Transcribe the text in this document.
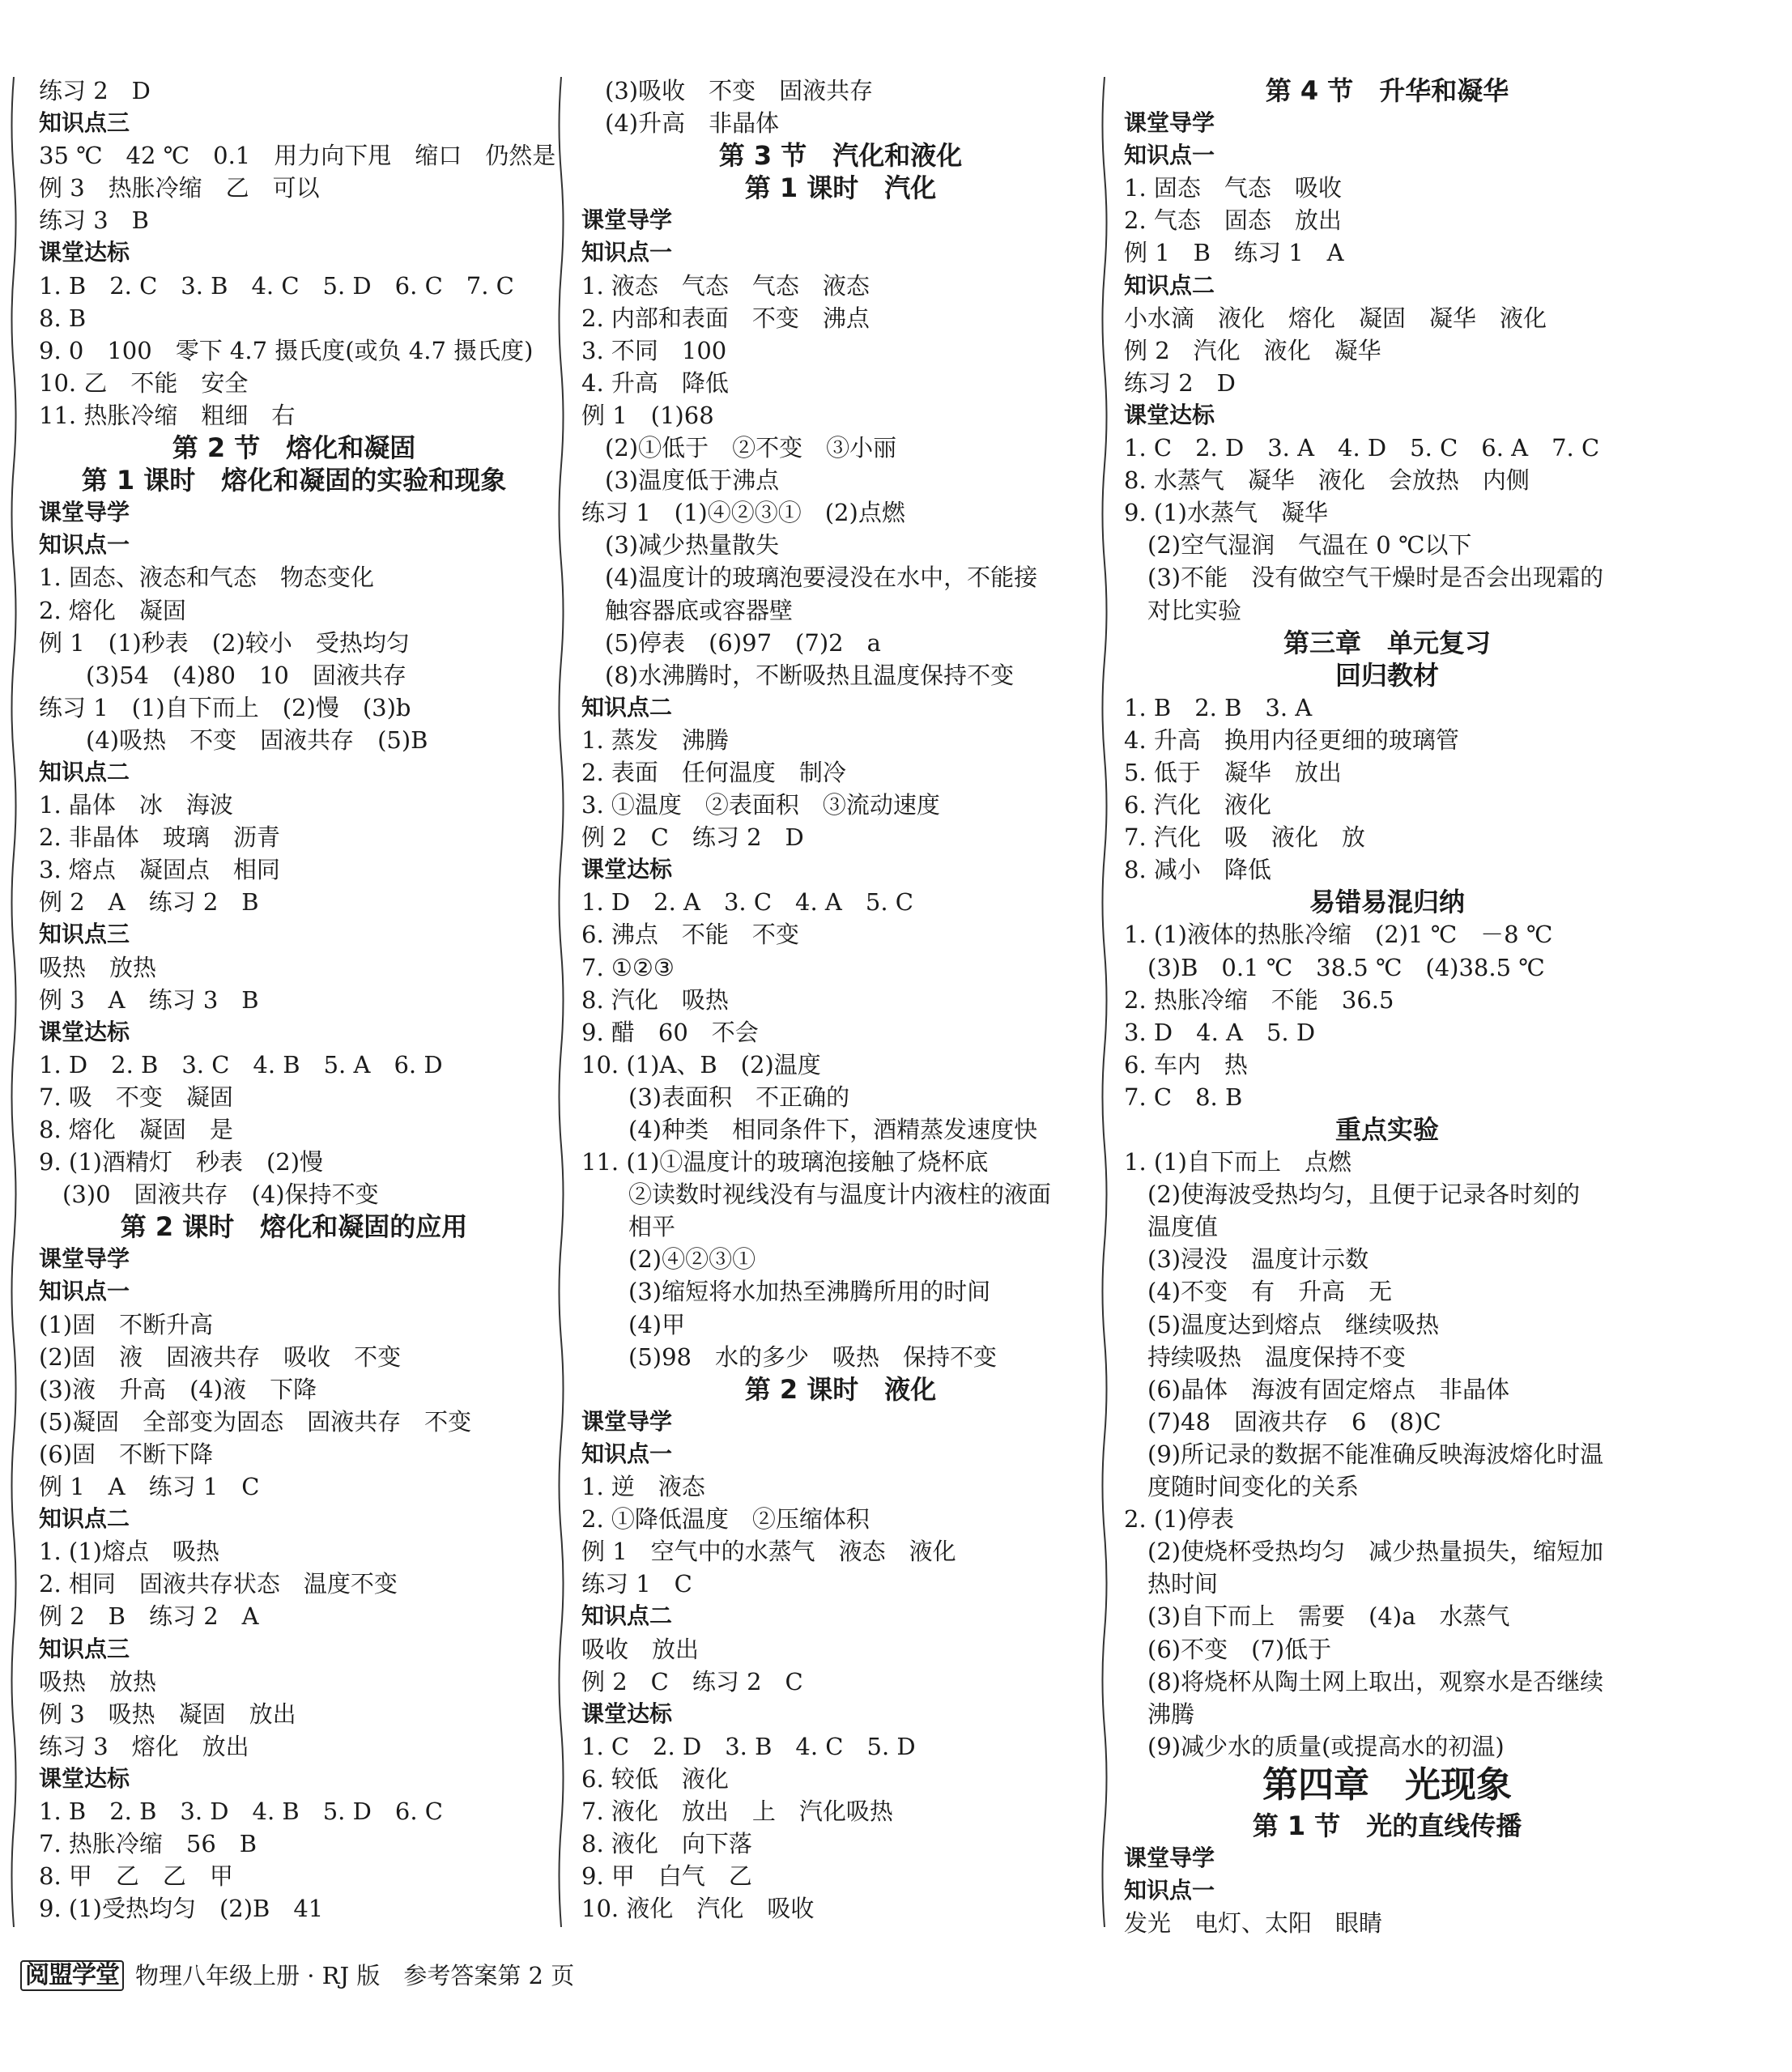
练习 2　D
知识点三
35 ℃　42 ℃　0.1　用力向下甩　缩口　仍然是
例 3　热胀冷缩　乙　可以
练习 3　B
课堂达标
1. B　2. C　3. B　4. C　5. D　6. C　7. C
8. B
9. 0　100　零下 4.7 摄氏度(或负 4.7 摄氏度)
10. 乙　不能　安全
11. 热胀冷缩　粗细　右
第 2 节　熔化和凝固
第 1 课时　熔化和凝固的实验和现象
课堂导学
知识点一
1. 固态、液态和气态　物态变化
2. 熔化　凝固
例 1　(1)秒表　(2)较小　受热均匀
　　(3)54　(4)80　10　固液共存
练习 1　(1)自下而上　(2)慢　(3)b
　　(4)吸热　不变　固液共存　(5)B
知识点二
1. 晶体　冰　海波
2. 非晶体　玻璃　沥青
3. 熔点　凝固点　相同
例 2　A　练习 2　B
知识点三
吸热　放热
例 3　A　练习 3　B
课堂达标
1. D　2. B　3. C　4. B　5. A　6. D
7. 吸　不变　凝固
8. 熔化　凝固　是
9. (1)酒精灯　秒表　(2)慢
　(3)0　固液共存　(4)保持不变
第 2 课时　熔化和凝固的应用
课堂导学
知识点一
(1)固　不断升高
(2)固　液　固液共存　吸收　不变
(3)液　升高　(4)液　下降
(5)凝固　全部变为固态　固液共存　不变
(6)固　不断下降
例 1　A　练习 1　C
知识点二
1. (1)熔点　吸热
2. 相同　固液共存状态　温度不变
例 2　B　练习 2　A
知识点三
吸热　放热
例 3　吸热　凝固　放出
练习 3　熔化　放出
课堂达标
1. B　2. B　3. D　4. B　5. D　6. C
7. 热胀冷缩　56　B
8. 甲　乙　乙　甲
9. (1)受热均匀　(2)B　41
　(3)吸收　不变　固液共存
　(4)升高　非晶体
第 3 节　汽化和液化
第 1 课时　汽化
课堂导学
知识点一
1. 液态　气态　气态　液态
2. 内部和表面　不变　沸点
3. 不同　100
4. 升高　降低
例 1　(1)68
　(2)①低于　②不变　③小丽
　(3)温度低于沸点
练习 1　(1)④②③①　(2)点燃
　(3)减少热量散失
　(4)温度计的玻璃泡要浸没在水中，不能接
　触容器底或容器壁
　(5)停表　(6)97　(7)2　a
　(8)水沸腾时，不断吸热且温度保持不变
知识点二
1. 蒸发　沸腾
2. 表面　任何温度　制冷
3. ①温度　②表面积　③流动速度
例 2　C　练习 2　D
课堂达标
1. D　2. A　3. C　4. A　5. C
6. 沸点　不能　不变
7. ①②③
8. 汽化　吸热
9. 醋　60　不会
10. (1)A、B　(2)温度
　　(3)表面积　不正确的
　　(4)种类　相同条件下，酒精蒸发速度快
11. (1)①温度计的玻璃泡接触了烧杯底
　　②读数时视线没有与温度计内液柱的液面
　　相平
　　(2)④②③①
　　(3)缩短将水加热至沸腾所用的时间
　　(4)甲
　　(5)98　水的多少　吸热　保持不变
第 2 课时　液化
课堂导学
知识点一
1. 逆　液态
2. ①降低温度　②压缩体积
例 1　空气中的水蒸气　液态　液化
练习 1　C
知识点二
吸收　放出
例 2　C　练习 2　C
课堂达标
1. C　2. D　3. B　4. C　5. D
6. 较低　液化
7. 液化　放出　上　汽化吸热
8. 液化　向下落
9. 甲　白气　乙
10. 液化　汽化　吸收
第 4 节　升华和凝华
课堂导学
知识点一
1. 固态　气态　吸收
2. 气态　固态　放出
例 1　B　练习 1　A
知识点二
小水滴　液化　熔化　凝固　凝华　液化
例 2　汽化　液化　凝华
练习 2　D
课堂达标
1. C　2. D　3. A　4. D　5. C　6. A　7. C
8. 水蒸气　凝华　液化　会放热　内侧
9. (1)水蒸气　凝华
　(2)空气湿润　气温在 0 ℃以下
　(3)不能　没有做空气干燥时是否会出现霜的
　对比实验
第三章　单元复习
回归教材
1. B　2. B　3. A
4. 升高　换用内径更细的玻璃管
5. 低于　凝华　放出
6. 汽化　液化
7. 汽化　吸　液化　放
8. 减小　降低
易错易混归纳
1. (1)液体的热胀冷缩　(2)1 ℃　－8 ℃
　(3)B　0.1 ℃　38.5 ℃　(4)38.5 ℃
2. 热胀冷缩　不能　36.5
3. D　4. A　5. D
6. 车内　热
7. C　8. B
重点实验
1. (1)自下而上　点燃
　(2)使海波受热均匀，且便于记录各时刻的
　温度值
　(3)浸没　温度计示数
　(4)不变　有　升高　无
　(5)温度达到熔点　继续吸热
　持续吸热　温度保持不变
　(6)晶体　海波有固定熔点　非晶体
　(7)48　固液共存　6　(8)C
　(9)所记录的数据不能准确反映海波熔化时温
　度随时间变化的关系
2. (1)停表
　(2)使烧杯受热均匀　减少热量损失，缩短加
　热时间
　(3)自下而上　需要　(4)a　水蒸气
　(6)不变　(7)低于
　(8)将烧杯从陶土网上取出，观察水是否继续
　沸腾
　(9)减少水的质量(或提高水的初温)
第四章　光现象
第 1 节　光的直线传播
课堂导学
知识点一
发光　电灯、太阳　眼睛
阅盟学堂 物理八年级上册 · RJ 版　参考答案第 2 页
